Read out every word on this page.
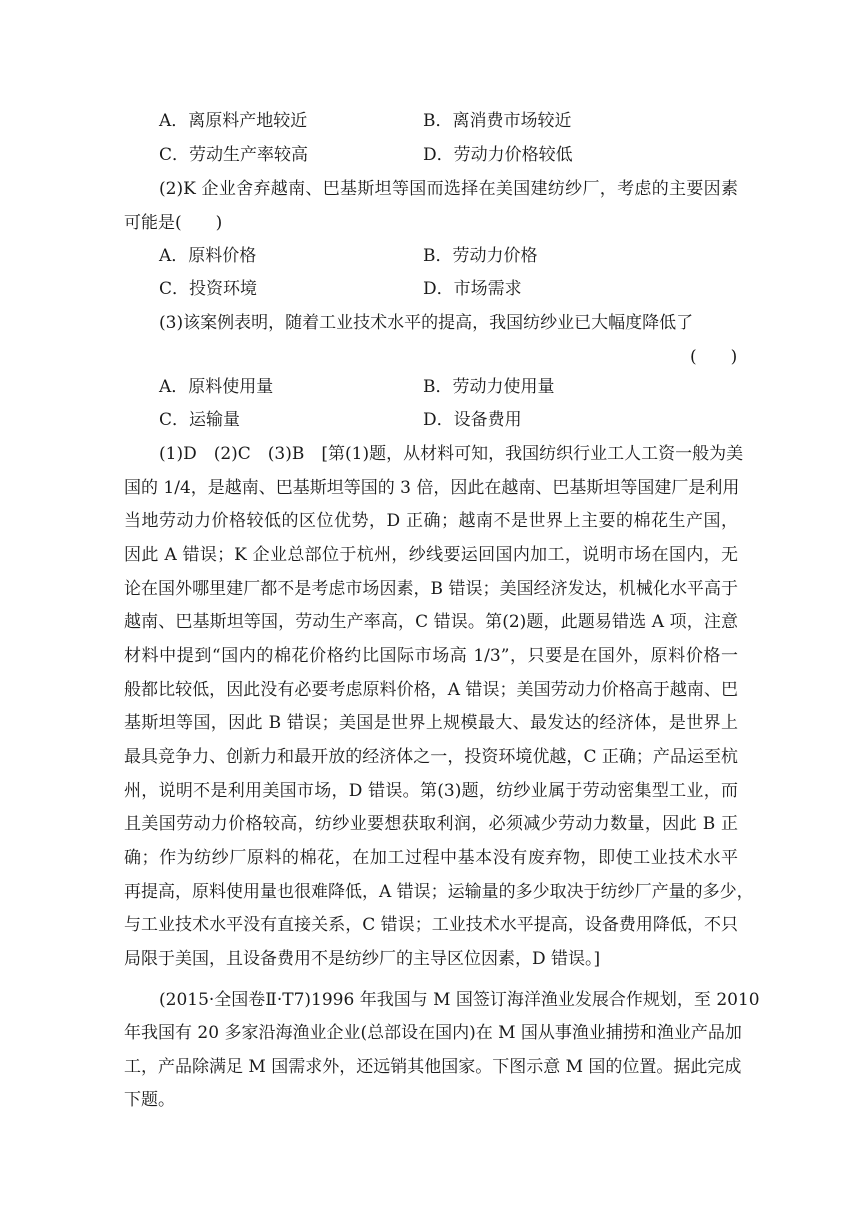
A．离原料产地较近	B．离消费市场较近
C．劳动生产率较高	D．劳动力价格较低
(2)K 企业舍弃越南、巴基斯坦等国而选择在美国建纺纱厂，考虑的主要因素
可能是(　　)
A．原料价格	B．劳动力价格
C．投资环境	D．市场需求
(3)该案例表明，随着工业技术水平的提高，我国纺纱业已大幅度降低了
(　　)
A．原料使用量	B．劳动力使用量
C．运输量	D．设备费用
(1)D　(2)C　(3)B　[第(1)题，从材料可知，我国纺织行业工人工资一般为美
国的 1/4，是越南、巴基斯坦等国的 3 倍，因此在越南、巴基斯坦等国建厂是利用
当地劳动力价格较低的区位优势，D 正确；越南不是世界上主要的棉花生产国，
因此 A 错误；K 企业总部位于杭州，纱线要运回国内加工，说明市场在国内，无
论在国外哪里建厂都不是考虑市场因素，B 错误；美国经济发达，机械化水平高于
越南、巴基斯坦等国，劳动生产率高，C 错误。第(2)题，此题易错选 A 项，注意
材料中提到“国内的棉花价格约比国际市场高 1/3”，只要是在国外，原料价格一
般都比较低，因此没有必要考虑原料价格，A 错误；美国劳动力价格高于越南、巴
基斯坦等国，因此 B 错误；美国是世界上规模最大、最发达的经济体，是世界上
最具竞争力、创新力和最开放的经济体之一，投资环境优越，C 正确；产品运至杭
州，说明不是利用美国市场，D 错误。第(3)题，纺纱业属于劳动密集型工业，而
且美国劳动力价格较高，纺纱业要想获取利润，必须减少劳动力数量，因此 B 正
确；作为纺纱厂原料的棉花，在加工过程中基本没有废弃物，即使工业技术水平
再提高，原料使用量也很难降低，A 错误；运输量的多少取决于纺纱厂产量的多少，
与工业技术水平没有直接关系，C 错误；工业技术水平提高，设备费用降低，不只
局限于美国，且设备费用不是纺纱厂的主导区位因素，D 错误。]
(2015·全国卷Ⅱ·T7)1996 年我国与 M 国签订海洋渔业发展合作规划，至 2010
年我国有 20 多家沿海渔业企业(总部设在国内)在 M 国从事渔业捕捞和渔业产品加
工，产品除满足 M 国需求外，还远销其他国家。下图示意 M 国的位置。据此完成
下题。
